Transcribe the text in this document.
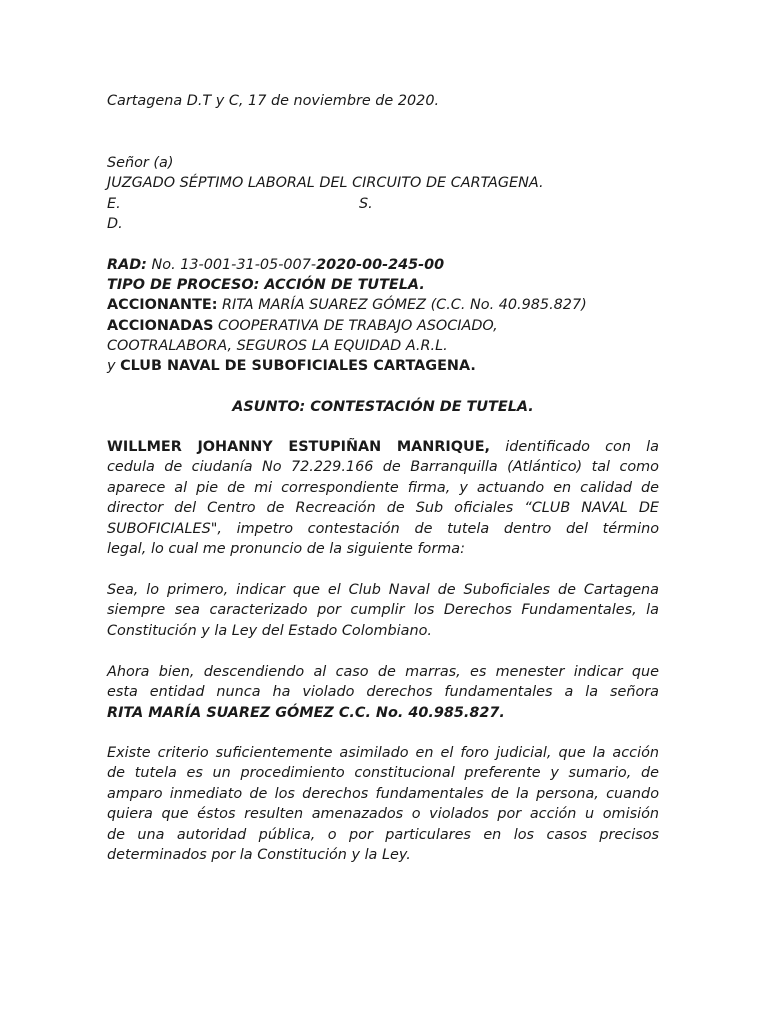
Cartagena D.T y C, 17 de noviembre de 2020.
Señor (a)
JUZGADO SÉPTIMO LABORAL DEL CIRCUITO DE CARTAGENA.
E.	S.
D.
RAD: No. 13-001-31-05-007-2020-00-245-00
TIPO DE PROCESO: ACCIÓN DE TUTELA.
ACCIONANTE: RITA MARÍA SUAREZ GÓMEZ (C.C. No. 40.985.827)
ACCIONADAS COOPERATIVA DE TRABAJO ASOCIADO,
COOTRALABORA, SEGUROS LA EQUIDAD A.R.L.
y CLUB NAVAL DE SUBOFICIALES CARTAGENA.
ASUNTO: CONTESTACIÓN DE TUTELA.
WILLMER JOHANNY ESTUPIÑAN MANRIQUE, identificado con la
cedula de ciudanía No 72.229.166 de Barranquilla (Atlántico) tal como
aparece al pie de mi correspondiente firma, y actuando en calidad de
director del Centro de Recreación de Sub oficiales “CLUB NAVAL DE
SUBOFICIALES", impetro contestación de tutela dentro del término
legal, lo cual me pronuncio de la siguiente forma:
Sea, lo primero, indicar que el Club Naval de Suboficiales de Cartagena
siempre sea caracterizado por cumplir los Derechos Fundamentales, la
Constitución y la Ley del Estado Colombiano.
Ahora bien, descendiendo al caso de marras, es menester indicar que
esta entidad nunca ha violado derechos fundamentales a la señora
RITA MARÍA SUAREZ GÓMEZ C.C. No. 40.985.827.
Existe criterio suficientemente asimilado en el foro judicial, que la acción
de tutela es un procedimiento constitucional preferente y sumario, de
amparo inmediato de los derechos fundamentales de la persona, cuando
quiera que éstos resulten amenazados o violados por acción u omisión
de una autoridad pública, o por particulares en los casos precisos
determinados por la Constitución y la Ley.
